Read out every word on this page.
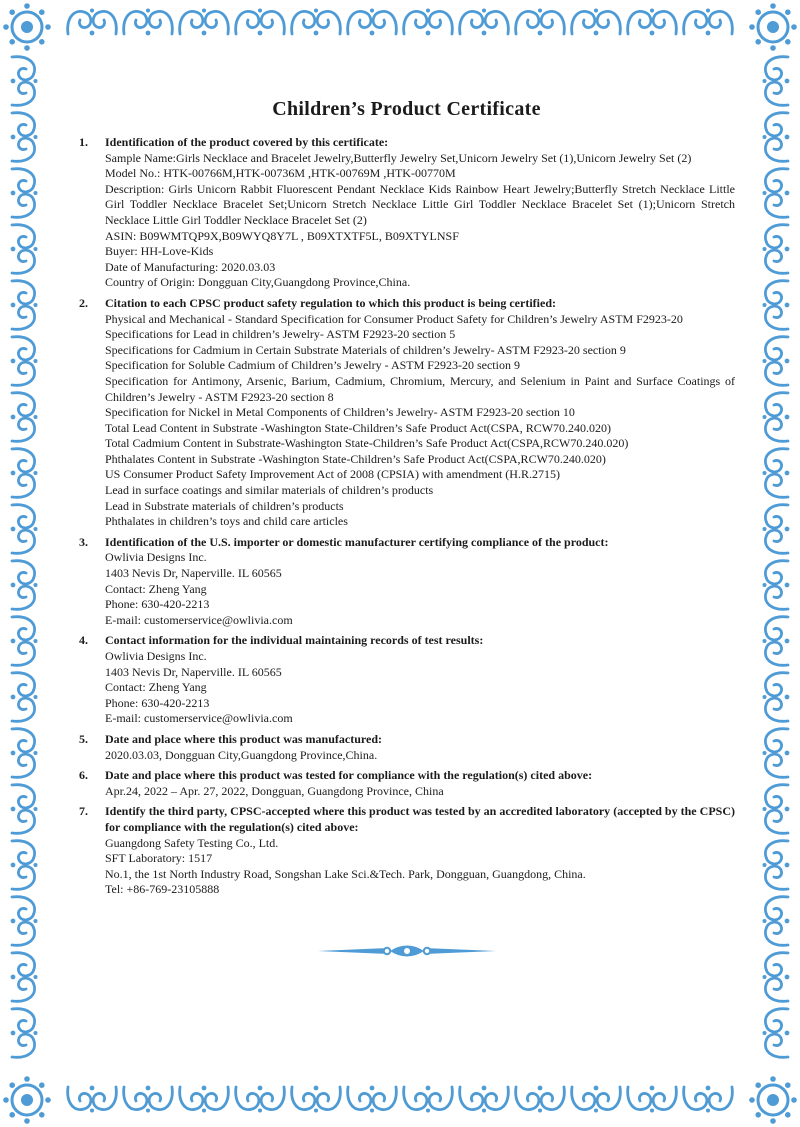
Children’s Product Certificate
1. Identification of the product covered by this certificate:

Sample Name:Girls Necklace and Bracelet Jewelry,Butterfly Jewelry Set,Unicorn Jewelry Set (1),Unicorn Jewelry Set (2)

Model No.: HTK-00766M,HTK-00736M ,HTK-00769M ,HTK-00770M

Description: Girls Unicorn Rabbit Fluorescent Pendant Necklace Kids Rainbow Heart Jewelry;Butterfly Stretch Necklace Little Girl Toddler Necklace Bracelet Set;Unicorn Stretch Necklace Little Girl Toddler Necklace Bracelet Set (1);Unicorn Stretch Necklace Little Girl Toddler Necklace Bracelet Set (2)

ASIN: B09WMTQP9X,B09WYQ8Y7L , B09XTXTF5L, B09XTYLNSF

Buyer: HH-Love-Kids

Date of Manufacturing: 2020.03.03

Country of Origin: Dongguan City,Guangdong Province,China.

2. Citation to each CPSC product safety regulation to which this product is being certified:

Physical and Mechanical - Standard Specification for Consumer Product Safety for Children’s Jewelry ASTM F2923-20

Specifications for Lead in children’s Jewelry- ASTM F2923-20 section 5

Specifications for Cadmium in Certain Substrate Materials of children’s Jewelry- ASTM F2923-20 section 9

Specification for Soluble Cadmium of Children’s Jewelry - ASTM F2923-20 section 9

Specification for Antimony, Arsenic, Barium, Cadmium, Chromium, Mercury, and Selenium in Paint and Surface Coatings of Children’s Jewelry - ASTM F2923-20 section 8

Specification for Nickel in Metal Components of Children’s Jewelry- ASTM F2923-20 section 10

Total Lead Content in Substrate -Washington State-Children’s Safe Product Act(CSPA, RCW70.240.020)

Total Cadmium Content in Substrate-Washington State-Children’s Safe Product Act(CSPA,RCW70.240.020)

Phthalates Content in Substrate -Washington State-Children’s Safe Product Act(CSPA,RCW70.240.020)

US Consumer Product Safety Improvement Act of 2008 (CPSIA) with amendment (H.R.2715)

Lead in surface coatings and similar materials of children’s products

Lead in Substrate materials of children’s products

Phthalates in children’s toys and child care articles

3. Identification of the U.S. importer or domestic manufacturer certifying compliance of the product:

Owlivia Designs Inc.

1403 Nevis Dr, Naperville. IL 60565

Contact: Zheng Yang

Phone: 630-420-2213

E-mail: customerservice@owlivia.com

4. Contact information for the individual maintaining records of test results:

Owlivia Designs Inc.

1403 Nevis Dr, Naperville. IL 60565

Contact: Zheng Yang

Phone: 630-420-2213

E-mail: customerservice@owlivia.com

5. Date and place where this product was manufactured:

2020.03.03, Dongguan City,Guangdong Province,China.

6. Date and place where this product was tested for compliance with the regulation(s) cited above:

Apr.24, 2022 – Apr. 27, 2022, Dongguan, Guangdong Province, China

7. Identify the third party, CPSC-accepted where this product was tested by an accredited laboratory (accepted by the CPSC) for compliance with the regulation(s) cited above:

Guangdong Safety Testing Co., Ltd.

SFT Laboratory: 1517

No.1, the 1st North Industry Road, Songshan Lake Sci.&Tech. Park, Dongguan, Guangdong, China.

Tel: +86-769-23105888
